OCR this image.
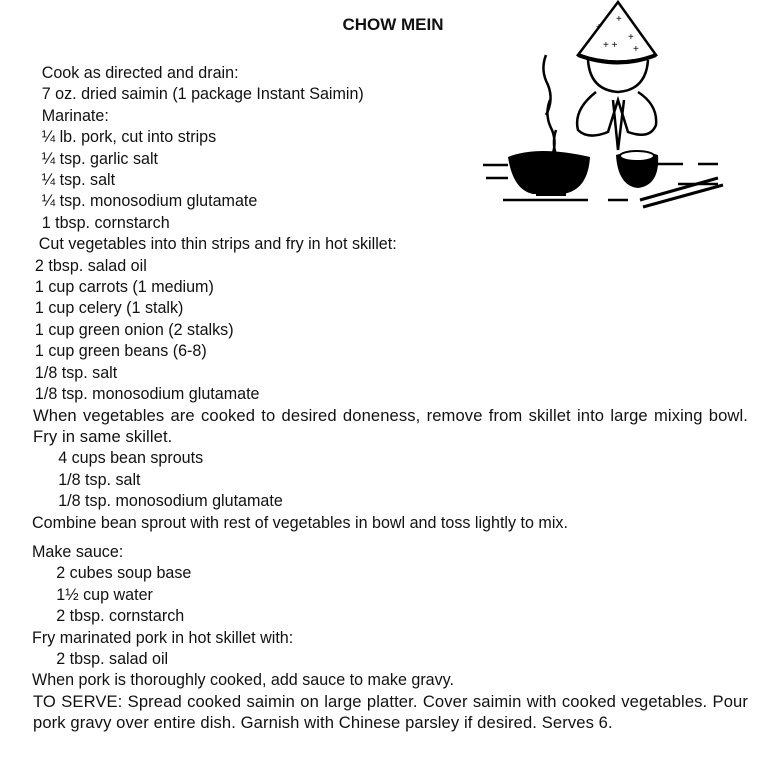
CHOW MEIN	+
+
+
+ + +
Cook as directed and drain:
7 oz. dried saimin (1 package Instant Saimin)
Marinate:
¼ lb. pork, cut into strips
¼ tsp. garlic salt
¼ tsp. salt
¼ tsp. monosodium glutamate
1 tbsp. cornstarch
Cut vegetables into thin strips and fry in hot skillet:
2 tbsp. salad oil
1 cup carrots (1 medium)
1 cup celery (1 stalk)
1 cup green onion (2 stalks)
1 cup green beans (6-8)
1/8 tsp. salt
1/8 tsp. monosodium glutamate
When vegetables are cooked to desired doneness, remove from skillet into large mixing bowl. Fry in same skillet.
4 cups bean sprouts
1/8 tsp. salt
1/8 tsp. monosodium glutamate
Combine bean sprout with rest of vegetables in bowl and toss lightly to mix.
Make sauce:
2 cubes soup base
1½ cup water
2 tbsp. cornstarch
Fry marinated pork in hot skillet with:
2 tbsp. salad oil
When pork is thoroughly cooked, add sauce to make gravy.
TO SERVE: Spread cooked saimin on large platter. Cover saimin with cooked vegetables. Pour pork gravy over entire dish. Garnish with Chinese parsley if desired. Serves 6.
